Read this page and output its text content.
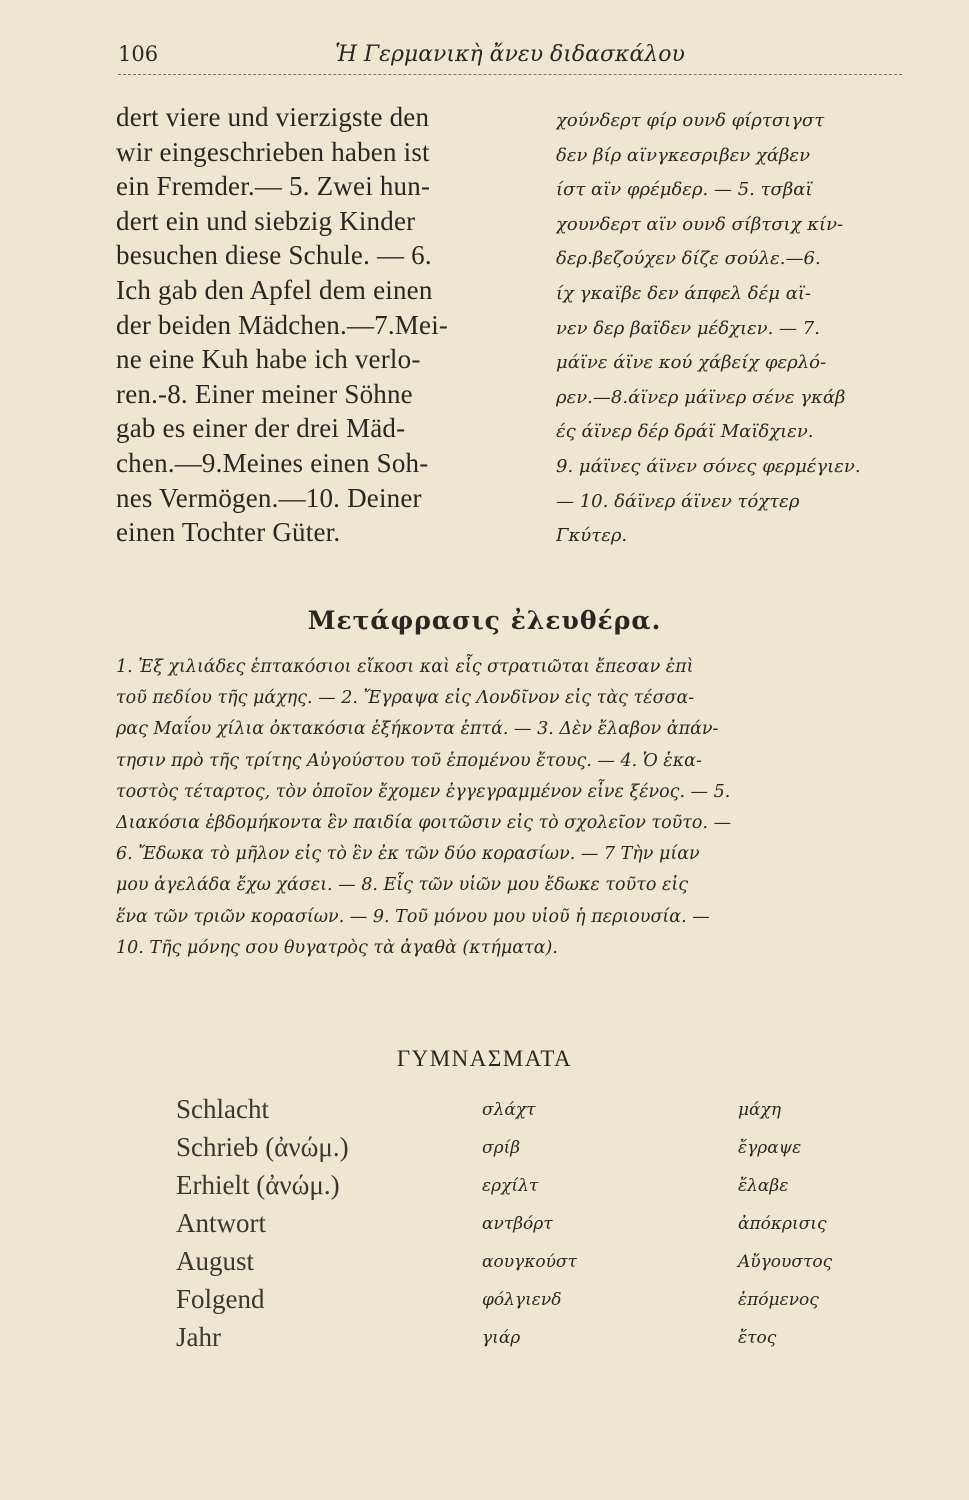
106	Ἡ Γερμανικὴ ἄνευ διδασκάλου
dert viere und vierzigste den
wir eingeschrieben haben ist
ein Fremder.— 5. Zwei hun-
dert ein und siebzig Kinder
besuchen diese Schule. — 6.
Ich gab den Apfel dem einen
der beiden Mädchen.—7.Mei-
ne eine Kuh habe ich verlo-
ren.-8. Einer meiner Söhne
gab es einer der drei Mäd-
chen.—9.Meines einen Soh-
nes Vermögen.—10. Deiner
einen Tochter Güter.
χούνδερτ φίρ ουνδ φίρτσιγστ
δεν βίρ αϊνγκεσριβεν χάβεν
ίστ αϊν φρέμδερ. — 5. τσβαϊ
χουνδερτ αϊν ουνδ σίβτσιχ κίν-
δερ.βεζούχεν δίζε σούλε.—6.
ίχ γκαϊβε δεν άπφελ δέμ αϊ-
νεν δερ βαϊδεν μέδχιεν. — 7.
μάϊνε άϊνε κού χάβείχ φερλό-
ρεν.—8.άϊνερ μάϊνερ σένε γκάβ
ές άϊνερ δέρ δράϊ Μαϊδχιεν.
9. μάϊνες άϊνεν σόνες φερμέγιεν.
— 10. δάϊνερ άϊνεν τόχτερ
Γκύτερ.
Μετάφρασις ἐλευθέρα.
1. Ἐξ χιλιάδες ἑπτακόσιοι εἴκοσι καὶ εἷς στρατιῶται ἔπεσαν ἐπὶ
τοῦ πεδίου τῆς μάχης. — 2. Ἔγραψα εἰς Λονδῖνον εἰς τὰς τέσσα-
ρας Μαΐου χίλια ὀκτακόσια ἑξήκοντα ἑπτά. — 3. Δὲν ἔλαβον ἀπάν-
τησιν πρὸ τῆς τρίτης Αὐγούστου τοῦ ἑπομένου ἔτους. — 4. Ὁ ἑκα-
τοστὸς τέταρτος, τὸν ὁποῖον ἔχομεν ἐγγεγραμμένον εἶνε ξένος. — 5.
Διακόσια ἑβδομήκοντα ἓν παιδία φοιτῶσιν εἰς τὸ σχολεῖον τοῦτο. —
6. Ἔδωκα τὸ μῆλον εἰς τὸ ἓν ἐκ τῶν δύο κορασίων. — 7 Τὴν μίαν
μου ἀγελάδα ἔχω χάσει. — 8. Εἷς τῶν υἱῶν μου ἔδωκε τοῦτο εἰς
ἕνα τῶν τριῶν κορασίων. — 9. Τοῦ μόνου μου υἱοῦ ἡ περιουσία. —
10. Τῆς μόνης σου θυγατρὸς τὰ ἀγαθὰ (κτήματα).
ΓΥΜΝΑΣΜΑΤΑ
Schlacht	σλάχτ	μάχη
Schrieb (ἀνώμ.)	σρίβ	ἔγραψε
Erhielt (ἀνώμ.)	ερχίλτ	ἔλαβε
Antwort	αντβόρτ	ἀπόκρισις
August	αουγκούστ	Αὔγουστος
Folgend	φόλγιενδ	ἑπόμενος
Jahr	γιάρ	ἔτος
